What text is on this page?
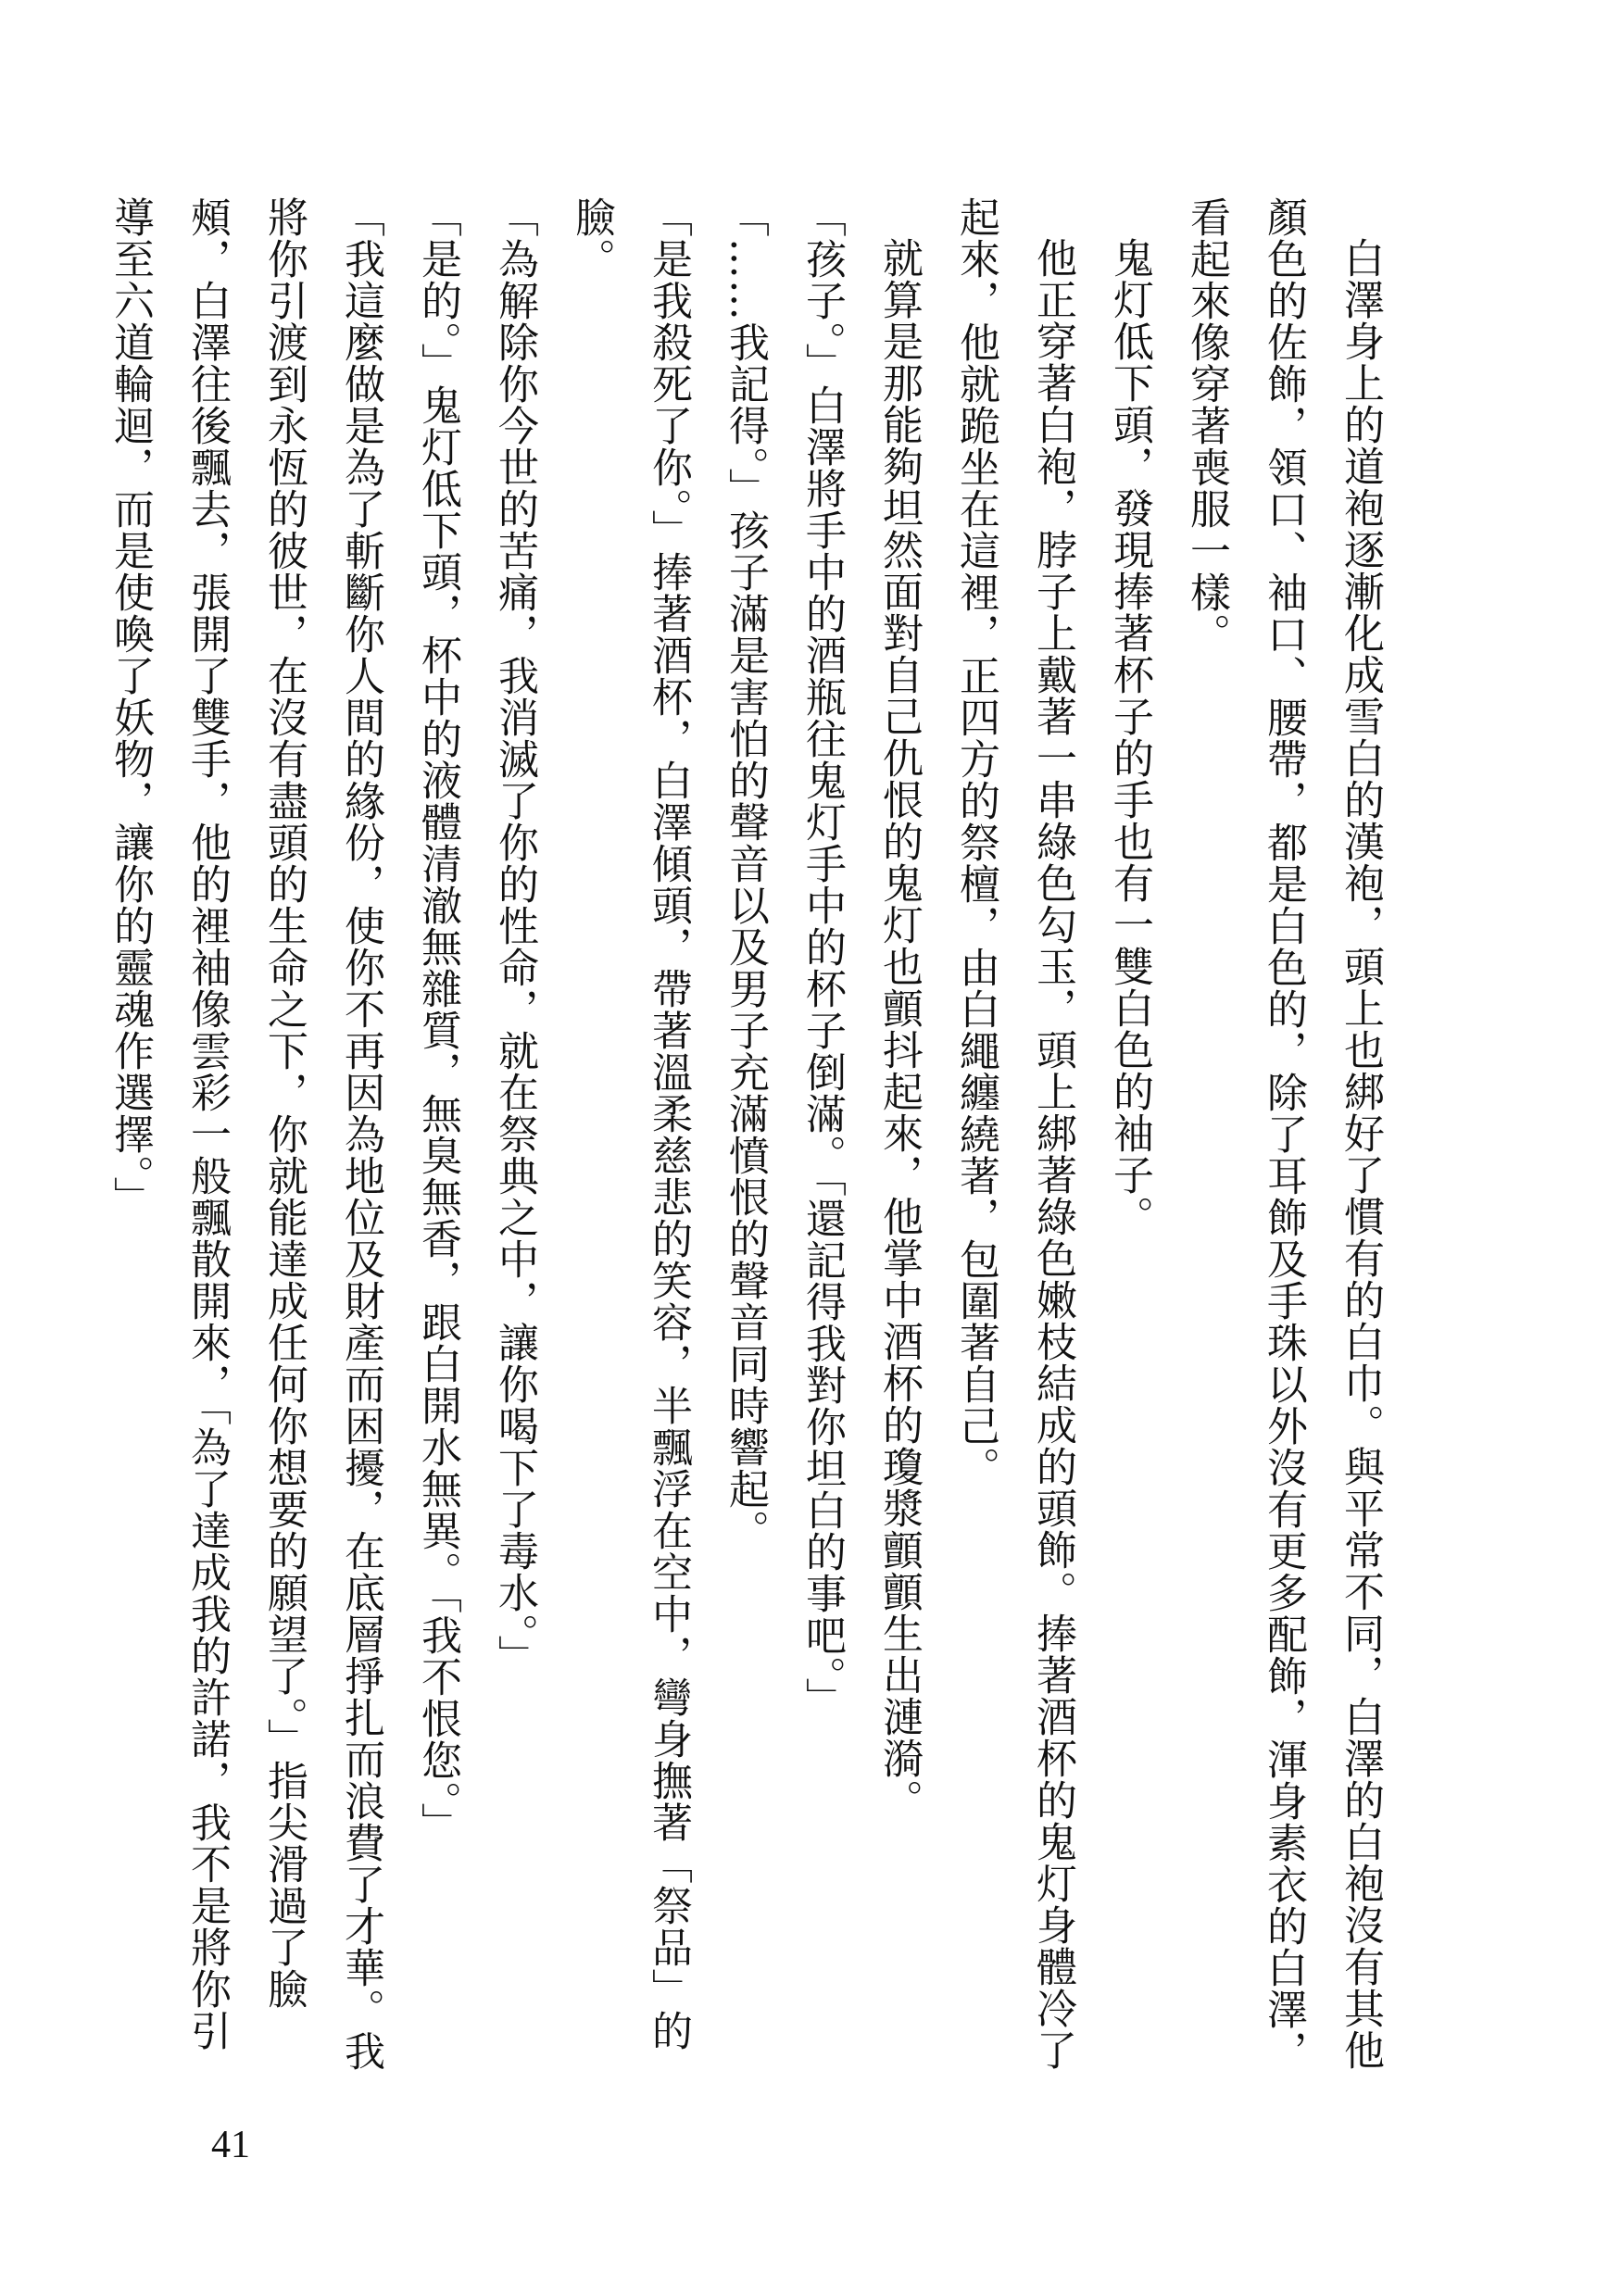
白澤身上的道袍逐漸化成雪白的漢袍，頭上也綁好了慣有的白巾。與平常不同，白澤的白袍沒有其他顏色的佐飾，領口、袖口、腰帶，都是白色的，除了耳飾及手珠以外沒有更多配飾，渾身素衣的白澤，看起來像穿著喪服一樣。

鬼灯低下頭，發現捧著杯子的手也有一雙白色的袖子。

他正穿著白袍，脖子上戴著一串綠色勾玉，頭上綁著綠色嫩枝結成的頭飾。捧著酒杯的鬼灯身體冷了起來，他就跪坐在這裡，正四方的祭檀，由白繩纏繞著，包圍著自己。

就算是那能夠坦然面對自己仇恨的鬼灯也顫抖起來，他掌中酒杯的瓊漿顫顫生出漣漪。

「孩子。」白澤將手中的酒瓶往鬼灯手中的杯子倒滿。「還記得我對你坦白的事吧。」

「……我記得。」孩子滿是害怕的聲音以及男子充滿憤恨的聲音同時響起。

「是我殺死了你。」捧著酒杯，白澤傾頭，帶著溫柔慈悲的笑容，半飄浮在空中，彎身撫著「祭品」的臉。

「為解除你今世的苦痛，我消滅了你的性命，就在祭典之中，讓你喝下了毒水。」

「是的。」鬼灯低下頭，杯中的液體清澈無雜質，無臭無香，跟白開水無異。「我不恨您。」

「我這麼做是為了斬斷你人間的緣份，使你不再因為地位及財產而困擾，在底層掙扎而浪費了才華。我將你引渡到永恆的彼世，在沒有盡頭的生命之下，你就能達成任何你想要的願望了。」指尖滑過了臉頰，白澤往後飄去，張開了雙手，他的裡袖像雲彩一般飄散開來，「為了達成我的許諾，我不是將你引導至六道輪迴，而是使喚了妖物，讓你的靈魂作選擇。」

41
